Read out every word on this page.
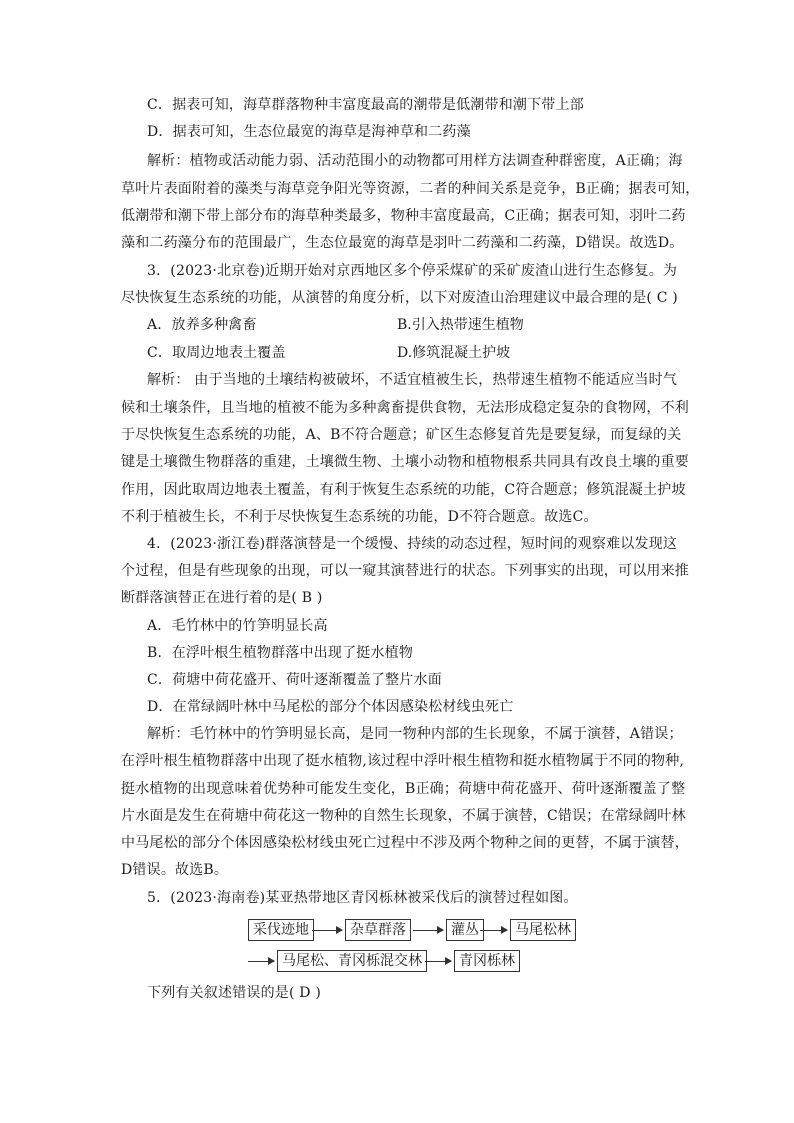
C．据表可知，海草群落物种丰富度最高的潮带是低潮带和潮下带上部
D．据表可知，生态位最宽的海草是海神草和二药藻
解析：植物或活动能力弱、活动范围小的动物都可用样方法调查种群密度，A正确；海
草叶片表面附着的藻类与海草竞争阳光等资源，二者的种间关系是竞争，B正确；据表可知，
低潮带和潮下带上部分布的海草种类最多，物种丰富度最高，C正确；据表可知，羽叶二药
藻和二药藻分布的范围最广，生态位最宽的海草是羽叶二药藻和二药藻，D错误。故选D。
3．(2023·北京卷)近期开始对京西地区多个停采煤矿的采矿废渣山进行生态修复。为
尽快恢复生态系统的功能，从演替的角度分析，以下对废渣山治理建议中最合理的是( C )
A．放养多种禽畜	B.引入热带速生植物
C．取周边地表土覆盖	D.修筑混凝土护坡
解析： 由于当地的土壤结构被破坏，不适宜植被生长，热带速生植物不能适应当时气
候和土壤条件，且当地的植被不能为多种禽畜提供食物，无法形成稳定复杂的食物网，不利
于尽快恢复生态系统的功能，A、B不符合题意；矿区生态修复首先是要复绿，而复绿的关
键是土壤微生物群落的重建，土壤微生物、土壤小动物和植物根系共同具有改良土壤的重要
作用，因此取周边地表土覆盖，有利于恢复生态系统的功能，C符合题意；修筑混凝土护坡
不利于植被生长，不利于尽快恢复生态系统的功能，D不符合题意。故选C。
4．(2023·浙江卷)群落演替是一个缓慢、持续的动态过程，短时间的观察难以发现这
个过程，但是有些现象的出现，可以一窥其演替进行的状态。下列事实的出现，可以用来推
断群落演替正在进行着的是( B )
A．毛竹林中的竹笋明显长高
B．在浮叶根生植物群落中出现了挺水植物
C．荷塘中荷花盛开、荷叶逐渐覆盖了整片水面
D．在常绿阔叶林中马尾松的部分个体因感染松材线虫死亡
解析：毛竹林中的竹笋明显长高，是同一物种内部的生长现象，不属于演替，A错误；
在浮叶根生植物群落中出现了挺水植物,该过程中浮叶根生植物和挺水植物属于不同的物种,
挺水植物的出现意味着优势种可能发生变化，B正确；荷塘中荷花盛开、荷叶逐渐覆盖了整
片水面是发生在荷塘中荷花这一物种的自然生长现象，不属于演替，C错误；在常绿阔叶林
中马尾松的部分个体因感染松材线虫死亡过程中不涉及两个物种之间的更替，不属于演替，
D错误。故选B。
5．(2023·海南卷)某亚热带地区青冈栎林被采伐后的演替过程如图。
采伐迹地	杂草群落	灌丛	马尾松林
马尾松、青冈栎混交林	青冈栎林
下列有关叙述错误的是( D )
